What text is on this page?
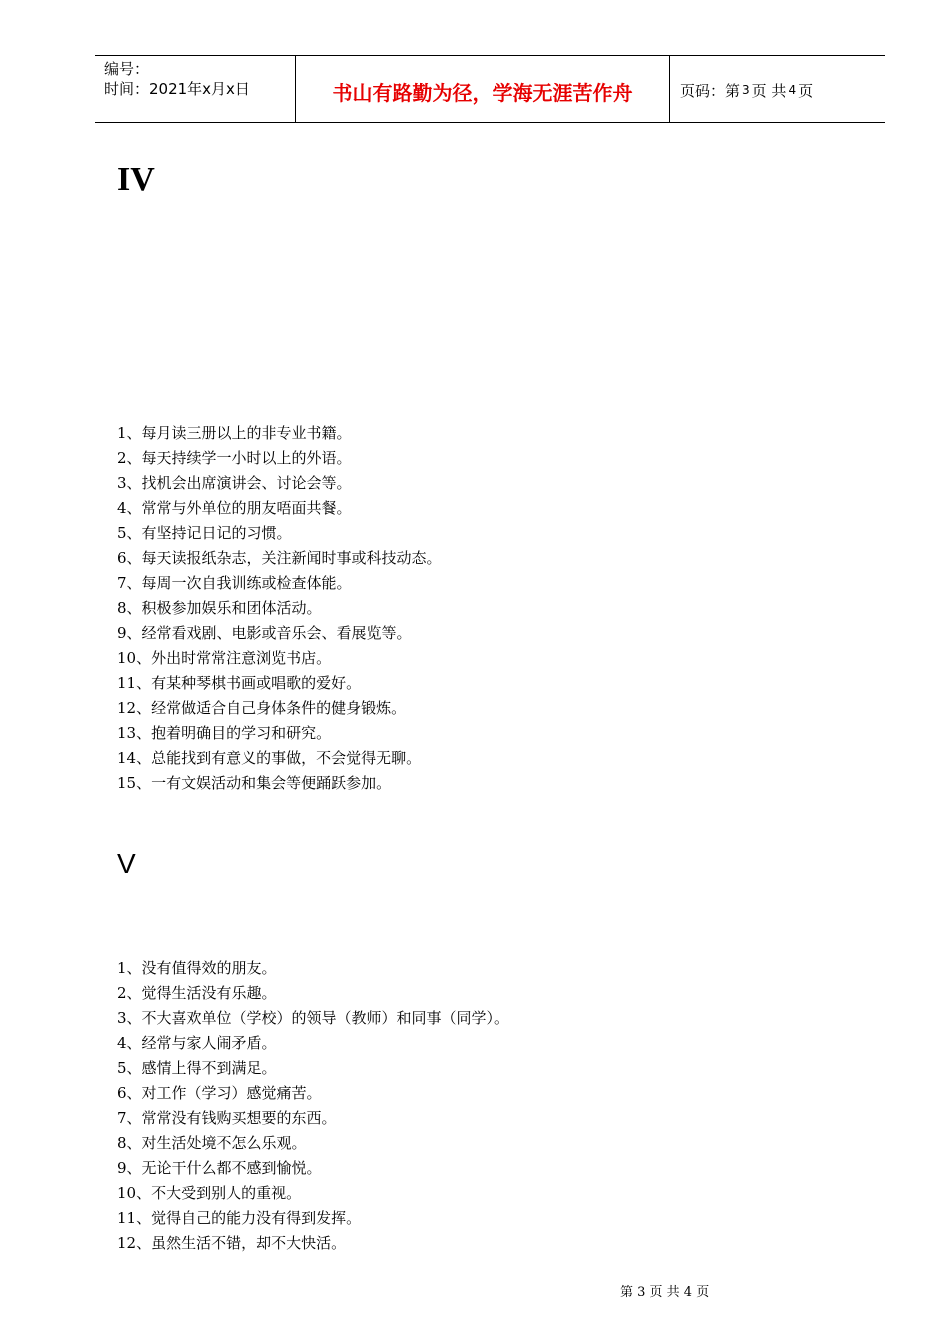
编号：
时间：2021年x月x日	书山有路勤为径，学海无涯苦作舟	页码：第 3 页 共 4 页
IV
1、每月读三册以上的非专业书籍。
2、每天持续学一小时以上的外语。
3、找机会出席演讲会、讨论会等。
4、常常与外单位的朋友唔面共餐。
5、有坚持记日记的习惯。
6、每天读报纸杂志，关注新闻时事或科技动态。
7、每周一次自我训练或检查体能。
8、积极参加娱乐和团体活动。
9、经常看戏剧、电影或音乐会、看展览等。
10、外出时常常注意浏览书店。
11、有某种琴棋书画或唱歌的爱好。
12、经常做适合自己身体条件的健身锻炼。
13、抱着明确目的学习和研究。
14、总能找到有意义的事做，不会觉得无聊。
15、一有文娱活动和集会等便踊跃参加。
V
1、没有值得效的朋友。
2、觉得生活没有乐趣。
3、不大喜欢单位（学校）的领导（教师）和同事（同学）。
4、经常与家人闹矛盾。
5、感情上得不到满足。
6、对工作（学习）感觉痛苦。
7、常常没有钱购买想要的东西。
8、对生活处境不怎么乐观。
9、无论干什么都不感到愉悦。
10、不大受到别人的重视。
11、觉得自己的能力没有得到发挥。
12、虽然生活不错，却不大快活。
第 3 页 共 4 页
